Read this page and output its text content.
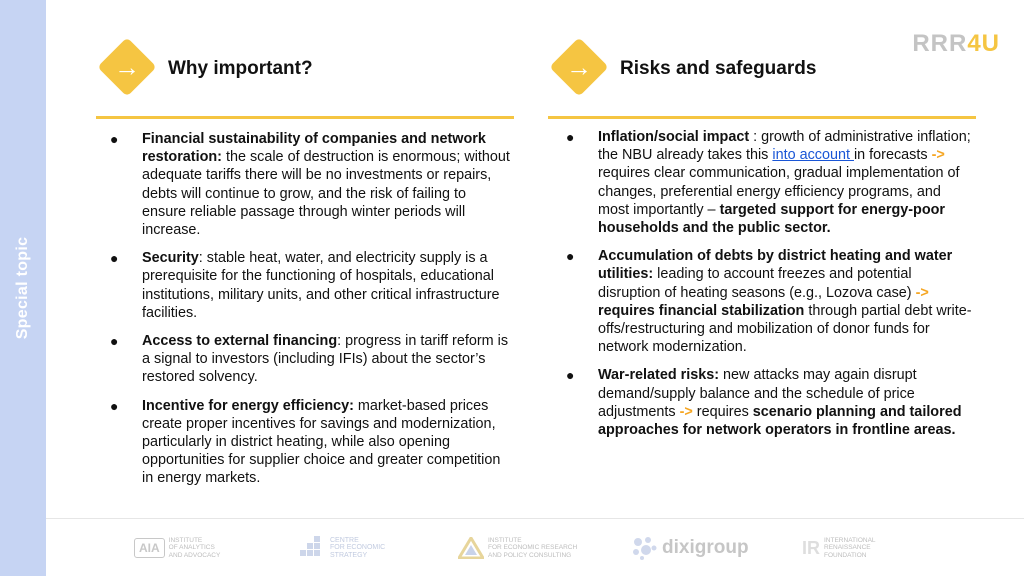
Special topic
RRR4U
→	Why important?
● Financial sustainability of companies and network restoration: the scale of destruction is enormous; without adequate tariffs there will be no investments or repairs, debts will continue to grow, and the risk of failing to ensure reliable passage through winter periods will increase.
● Security: stable heat, water, and electricity supply is a prerequisite for the functioning of hospitals, educational institutions, military units, and other critical infrastructure facilities.
● Access to external financing: progress in tariff reform is a signal to investors (including IFIs) about the sector’s restored solvency.
● Incentive for energy efficiency: market-based prices create proper incentives for savings and modernization, particularly in district heating, while also opening opportunities for supplier choice and greater competition in energy markets.
→	Risks and safeguards
● Inflation/social impact : growth of administrative inflation; the NBU already takes this into account in forecasts -> requires clear communication, gradual implementation of changes, preferential energy efficiency programs, and most importantly – targeted support for energy-poor households and the public sector.
● Accumulation of debts by district heating and water utilities: leading to account freezes and potential disruption of heating seasons (e.g., Lozova case) -> requires financial stabilization through partial debt write-offs/restructuring and mobilization of donor funds for network modernization.
● War-related risks: new attacks may again disrupt demand/supply balance and the schedule of price adjustments -> requires scenario planning and tailored approaches for network operators in frontline areas.
AIA
INSTITUTE
OF ANALYTICS
AND ADVOCACY
CENTRE
FOR ECONOMIC
STRATEGY
INSTITUTE
FOR ECONOMIC RESEARCH
AND POLICY CONSULTING	dixigroup	IR INTERNATIONAL
RENAISSANCE
FOUNDATION
